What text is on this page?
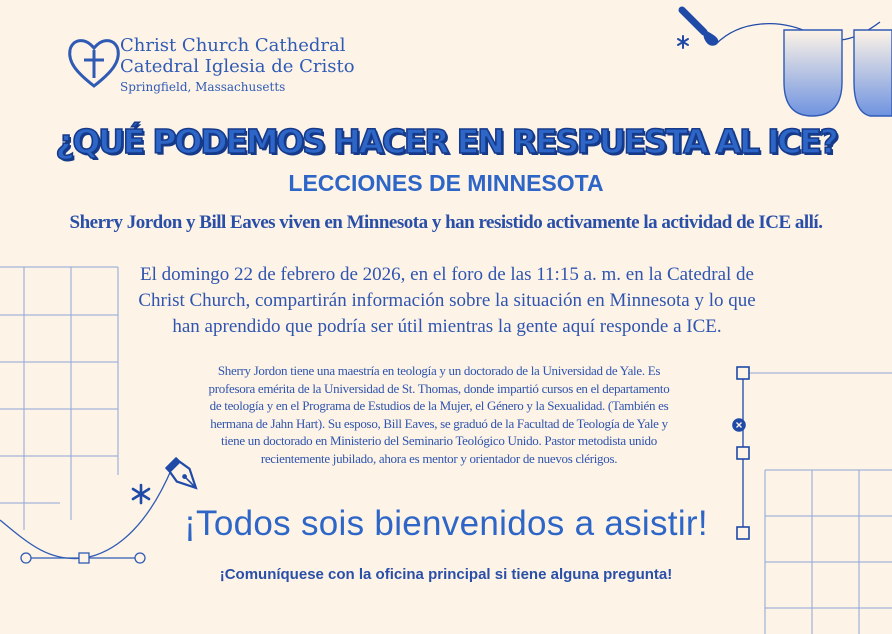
Christ Church Cathedral
Catedral Iglesia de Cristo
Springfield, Massachusetts
¿QUÉ PODEMOS HACER EN RESPUESTA AL ICE?
LECCIONES DE MINNESOTA
Sherry Jordon y Bill Eaves viven en Minnesota y han resistido activamente la actividad de ICE allí.
El domingo 22 de febrero de 2026, en el foro de las 11:15 a. m. en la Catedral de
Christ Church, compartirán información sobre la situación en Minnesota y lo que
han aprendido que podría ser útil mientras la gente aquí responde a ICE.
Sherry Jordon tiene una maestría en teología y un doctorado de la Universidad de Yale. Es
profesora emérita de la Universidad de St. Thomas, donde impartió cursos en el departamento
de teología y en el Programa de Estudios de la Mujer, el Género y la Sexualidad. (También es
hermana de Jahn Hart). Su esposo, Bill Eaves, se graduó de la Facultad de Teología de Yale y
tiene un doctorado en Ministerio del Seminario Teológico Unido. Pastor metodista unido
recientemente jubilado, ahora es mentor y orientador de nuevos clérigos.
¡Todos sois bienvenidos a asistir!
¡Comuníquese con la oficina principal si tiene alguna pregunta!
